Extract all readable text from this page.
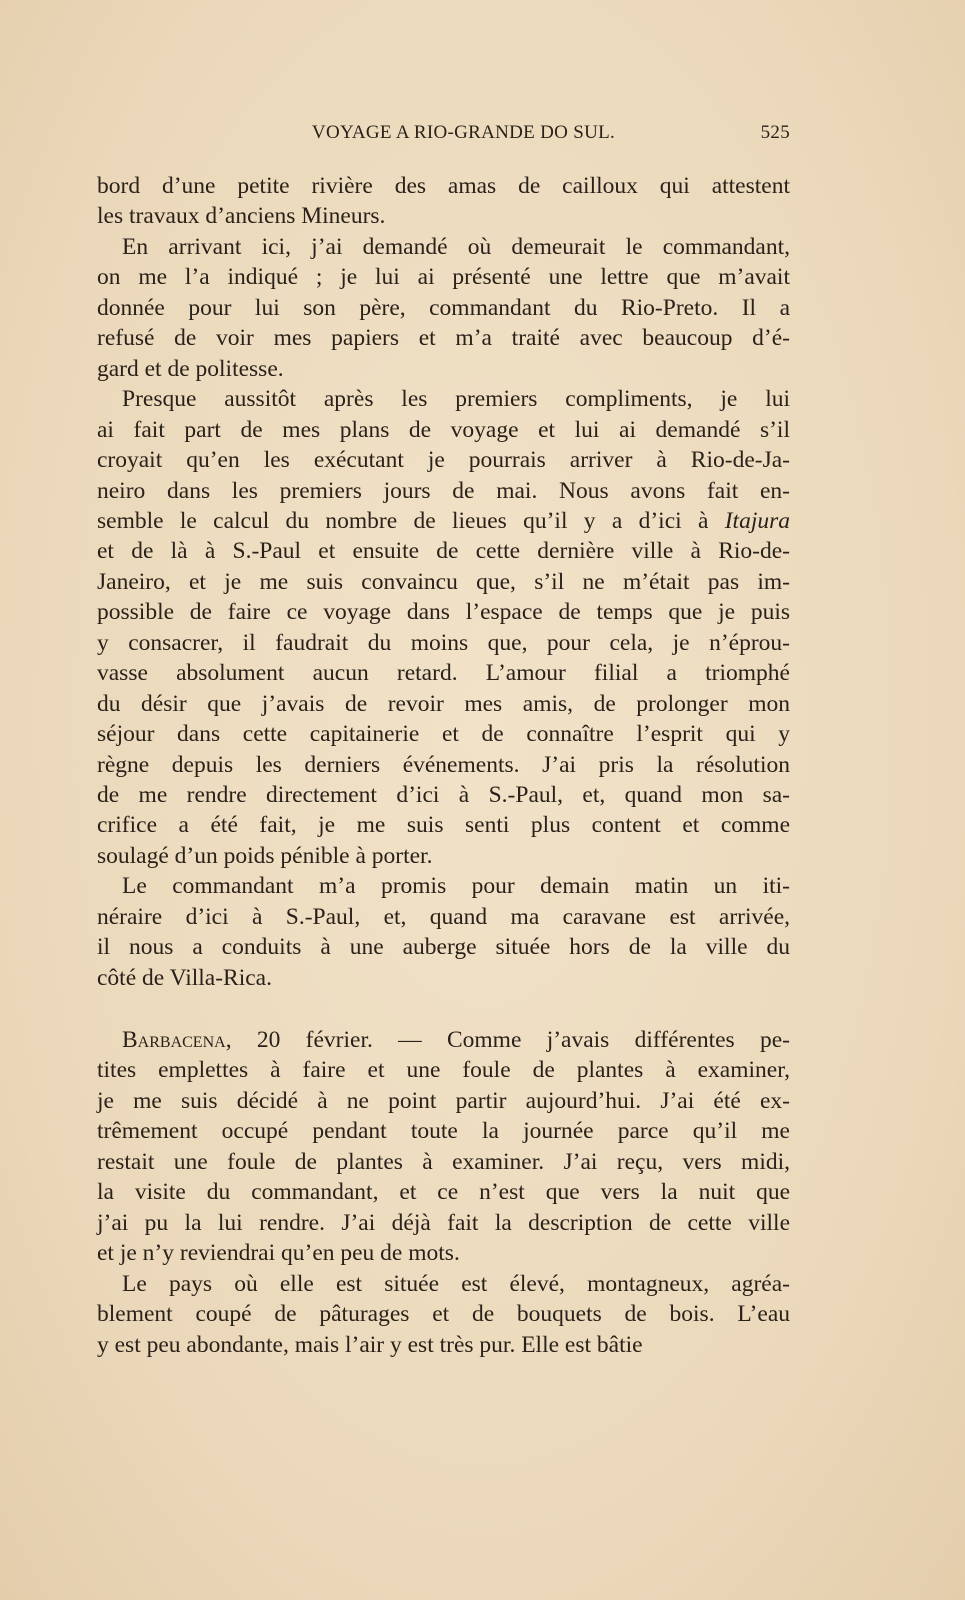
VOYAGE A RIO-GRANDE DO SUL.	525
bord d’une petite rivière des amas de cailloux qui attestent
les travaux d’anciens Mineurs.
En arrivant ici, j’ai demandé où demeurait le commandant,
on me l’a indiqué ; je lui ai présenté une lettre que m’avait
donnée pour lui son père, commandant du Rio-Preto. Il a
refusé de voir mes papiers et m’a traité avec beaucoup d’é-
gard et de politesse.
Presque aussitôt après les premiers compliments, je lui
ai fait part de mes plans de voyage et lui ai demandé s’il
croyait qu’en les exécutant je pourrais arriver à Rio-de-Ja-
neiro dans les premiers jours de mai. Nous avons fait en-
semble le calcul du nombre de lieues qu’il y a d’ici à Itajura
et de là à S.-Paul et ensuite de cette dernière ville à Rio-de-
Janeiro, et je me suis convaincu que, s’il ne m’était pas im-
possible de faire ce voyage dans l’espace de temps que je puis
y consacrer, il faudrait du moins que, pour cela, je n’éprou-
vasse absolument aucun retard. L’amour filial a triomphé
du désir que j’avais de revoir mes amis, de prolonger mon
séjour dans cette capitainerie et de connaître l’esprit qui y
règne depuis les derniers événements. J’ai pris la résolution
de me rendre directement d’ici à S.-Paul, et, quand mon sa-
crifice a été fait, je me suis senti plus content et comme
soulagé d’un poids pénible à porter.
Le commandant m’a promis pour demain matin un iti-
néraire d’ici à S.-Paul, et, quand ma caravane est arrivée,
il nous a conduits à une auberge située hors de la ville du
côté de Villa-Rica.
Barbacena, 20 février. — Comme j’avais différentes pe-
tites emplettes à faire et une foule de plantes à examiner,
je me suis décidé à ne point partir aujourd’hui. J’ai été ex-
trêmement occupé pendant toute la journée parce qu’il me
restait une foule de plantes à examiner. J’ai reçu, vers midi,
la visite du commandant, et ce n’est que vers la nuit que
j’ai pu la lui rendre. J’ai déjà fait la description de cette ville
et je n’y reviendrai qu’en peu de mots.
Le pays où elle est située est élevé, montagneux, agréa-
blement coupé de pâturages et de bouquets de bois. L’eau
y est peu abondante, mais l’air y est très pur. Elle est bâtie
